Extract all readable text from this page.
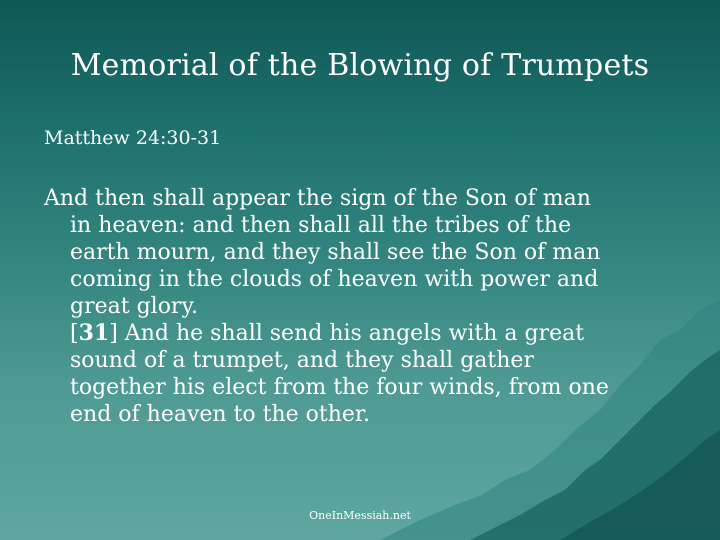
Memorial of the Blowing of Trumpets
Matthew 24:30-31
And then shall appear the sign of the Son of man
in heaven: and then shall all the tribes of the
earth mourn, and they shall see the Son of man
coming in the clouds of heaven with power and
great glory.
[31] And he shall send his angels with a great
sound of a trumpet, and they shall gather
together his elect from the four winds, from one
end of heaven to the other.
OneInMessiah.net
